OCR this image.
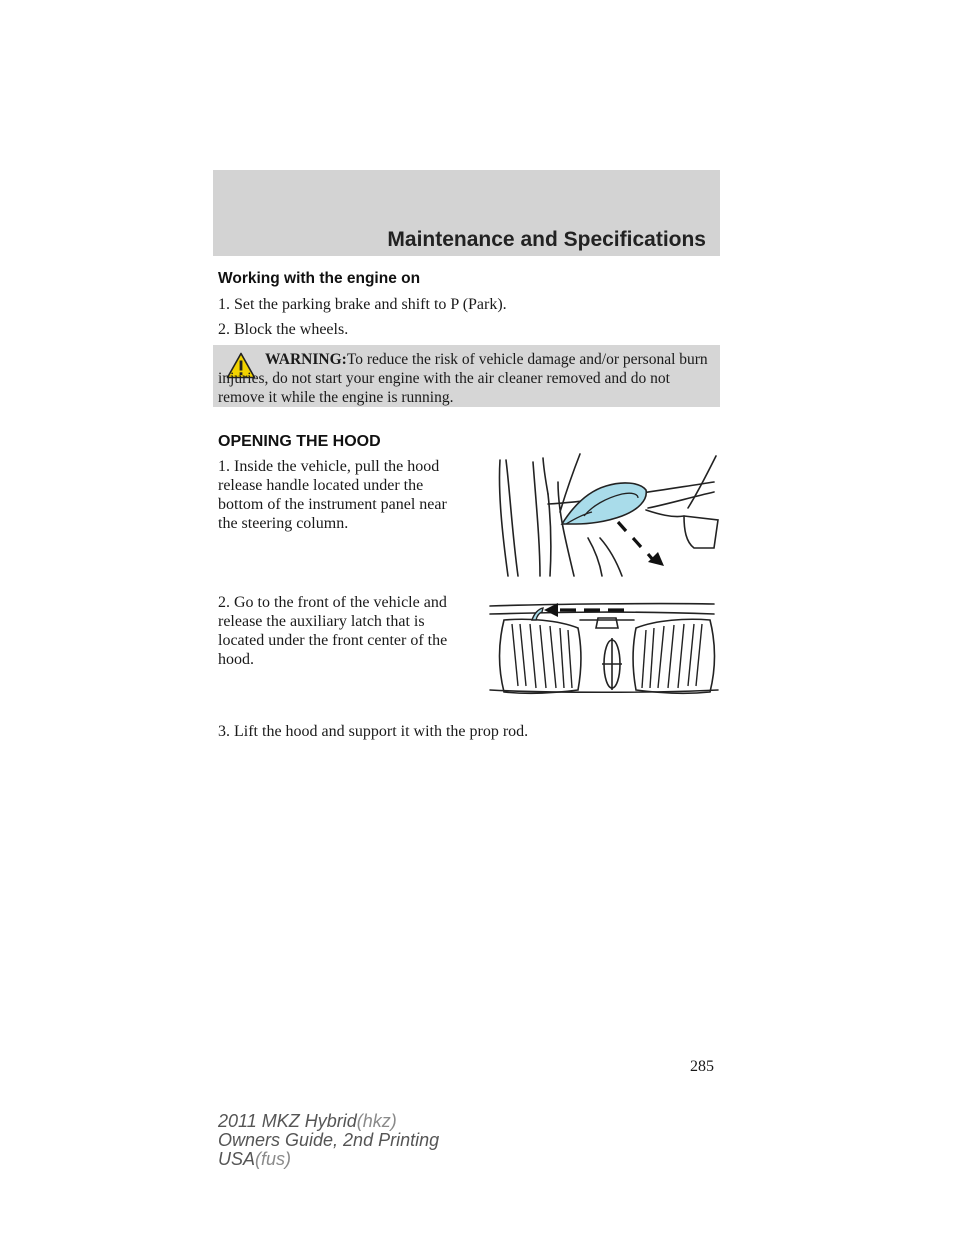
Maintenance and Specifications
Working with the engine on
1. Set the parking brake and shift to P (Park).
2. Block the wheels.
WARNING:To reduce the risk of vehicle damage and/or personal burn injuries, do not start your engine with the air cleaner removed and do not remove it while the engine is running.
OPENING THE HOOD
1. Inside the vehicle, pull the hood release handle located under the bottom of the instrument panel near the steering column.
2. Go to the front of the vehicle and release the auxiliary latch that is located under the front center of the hood.
3. Lift the hood and support it with the prop rod.
285
2011 MKZ Hybrid(hkz)
Owners Guide, 2nd Printing
USA(fus)
